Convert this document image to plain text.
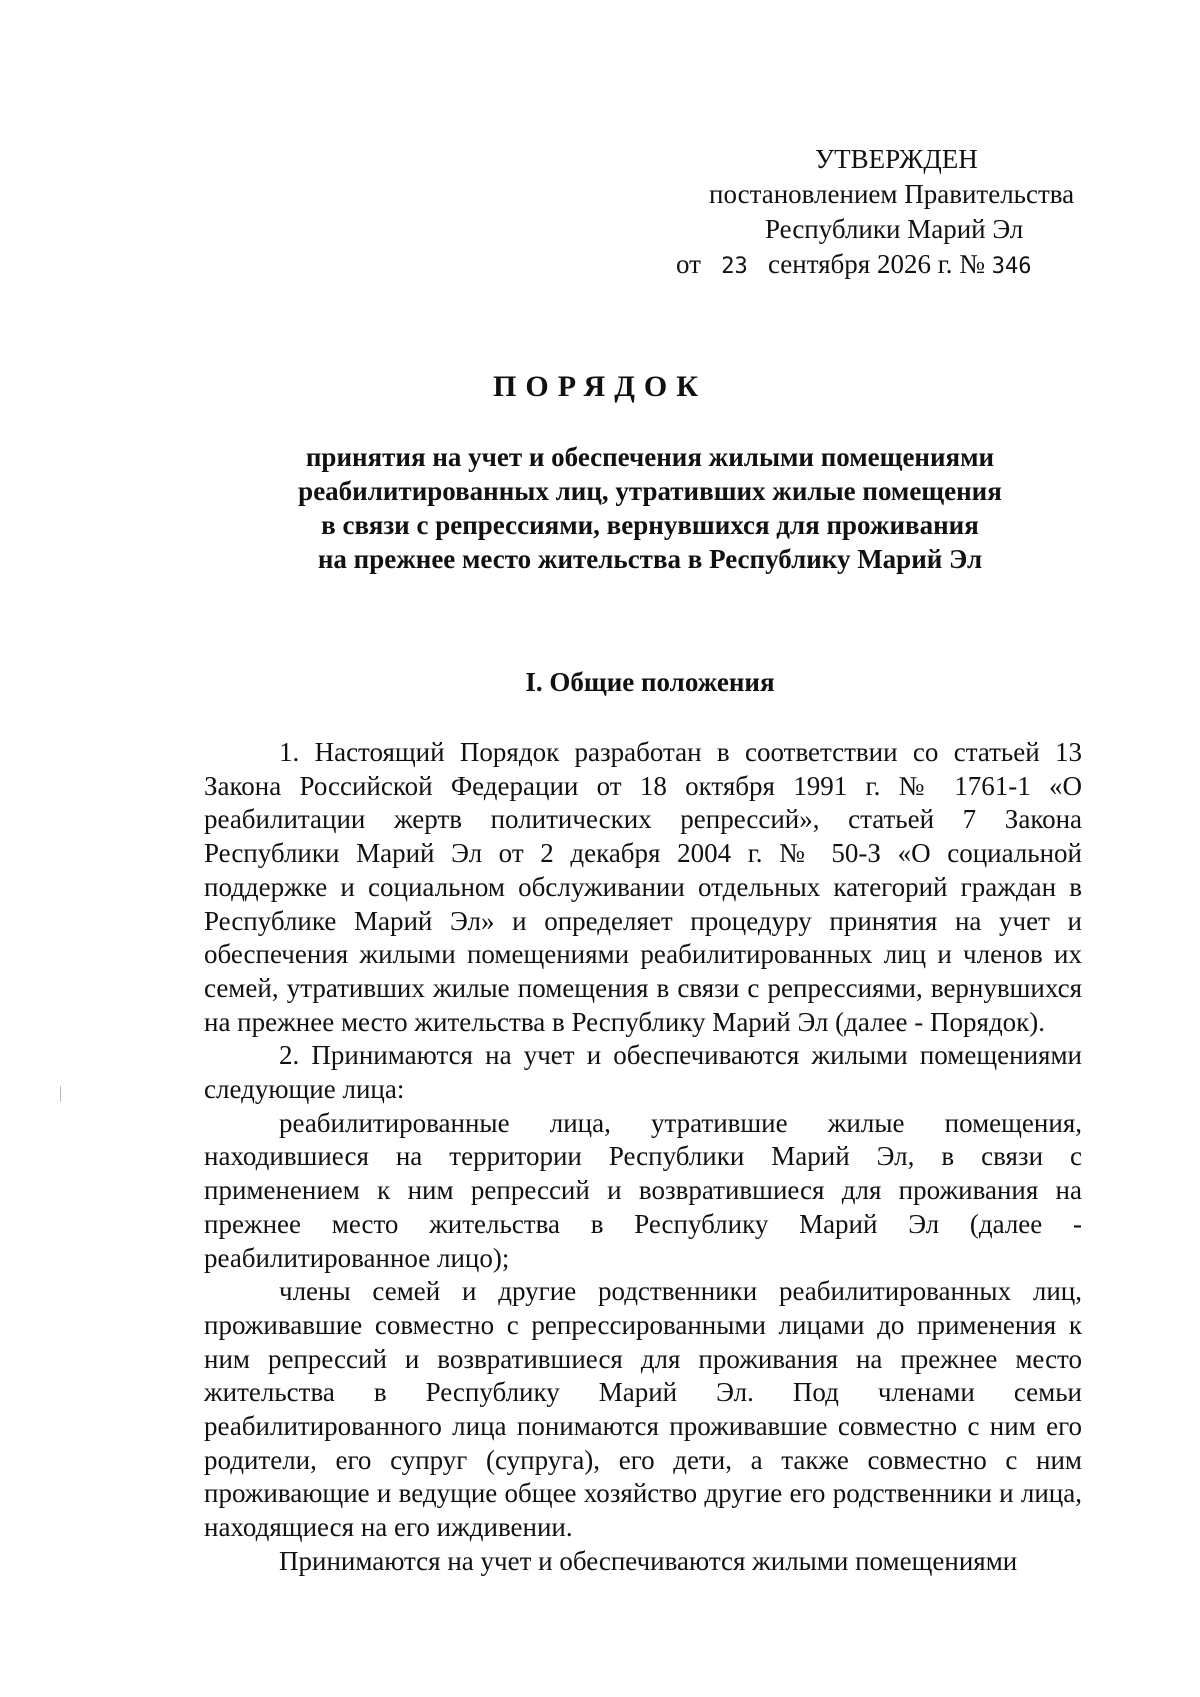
УТВЕРЖДЕН
постановлением Правительства
Республики Марий Эл
от 23 сентября 2026 г. № 346
ПОРЯДОК
принятия на учет и обеспечения жилыми помещениями
реабилитированных лиц, утративших жилые помещения
в связи с репрессиями, вернувшихся для проживания
на прежнее место жительства в Республику Марий Эл
I. Общие положения

1. Настоящий Порядок разработан в соответствии со статьей 13 Закона Российской Федерации от 18 октября 1991 г. № 1761-1 «О реабилитации жертв политических репрессий», статьей 7 Закона Республики Марий Эл от 2 декабря 2004 г. № 50-З «О социальной поддержке и социальном обслуживании отдельных категорий граждан в Республике Марий Эл» и определяет процедуру принятия на учет и обеспечения жилыми помещениями реабилитированных лиц и членов их семей, утративших жилые помещения в связи с репрессиями, вернувшихся на прежнее место жительства в Республику Марий Эл (далее - Порядок).

2. Принимаются на учет и обеспечиваются жилыми помещениями следующие лица:

реабилитированные лица, утратившие жилые помещения, находившиеся на территории Республики Марий Эл, в связи с применением к ним репрессий и возвратившиеся для проживания на прежнее место жительства в Республику Марий Эл (далее - реабилитированное лицо);

члены семей и другие родственники реабилитированных лиц, проживавшие совместно с репрессированными лицами до применения к ним репрессий и возвратившиеся для проживания на прежнее место жительства в Республику Марий Эл. Под членами семьи реабилитированного лица понимаются проживавшие совместно с ним его родители, его супруг (супруга), его дети, а также совместно с ним проживающие и ведущие общее хозяйство другие его родственники и лица, находящиеся на его иждивении.

Принимаются на учет и обеспечиваются жилыми помещениями
